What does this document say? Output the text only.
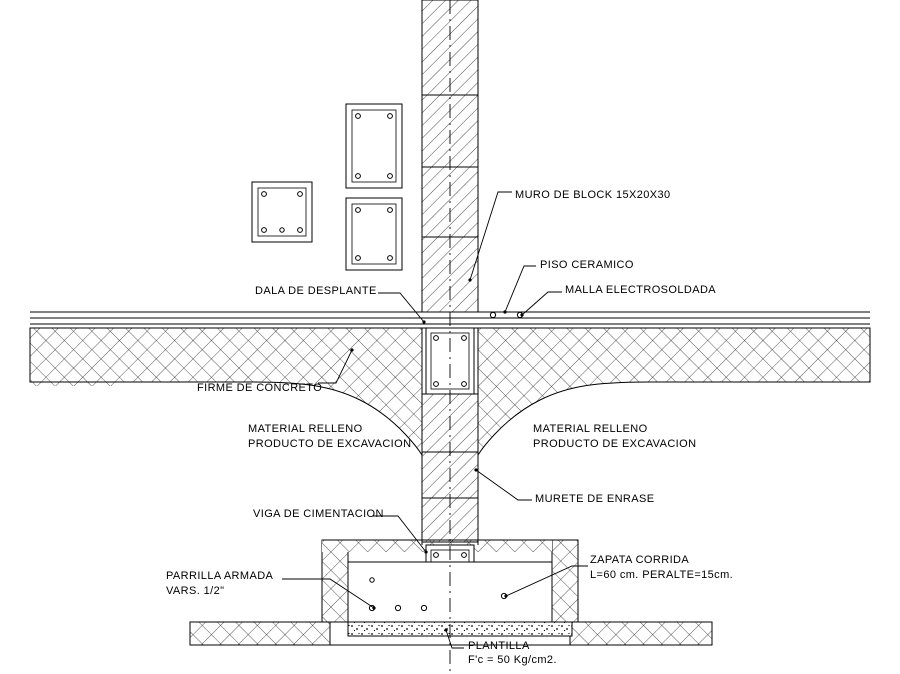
MURO DE BLOCK 15X20X30
PISO CERAMICO
MALLA ELECTROSOLDADA
DALA DE DESPLANTE
FIRME DE CONCRETO
MATERIAL RELLENO
PRODUCTO DE EXCAVACION
MATERIAL RELLENO
PRODUCTO DE EXCAVACION
MURETE DE ENRASE
VIGA DE CIMENTACION
ZAPATA CORRIDA
L=60 cm. PERALTE=15cm.
PARRILLA ARMADA
VARS. 1/2"
PLANTILLA
F'c = 50 Kg/cm2.
